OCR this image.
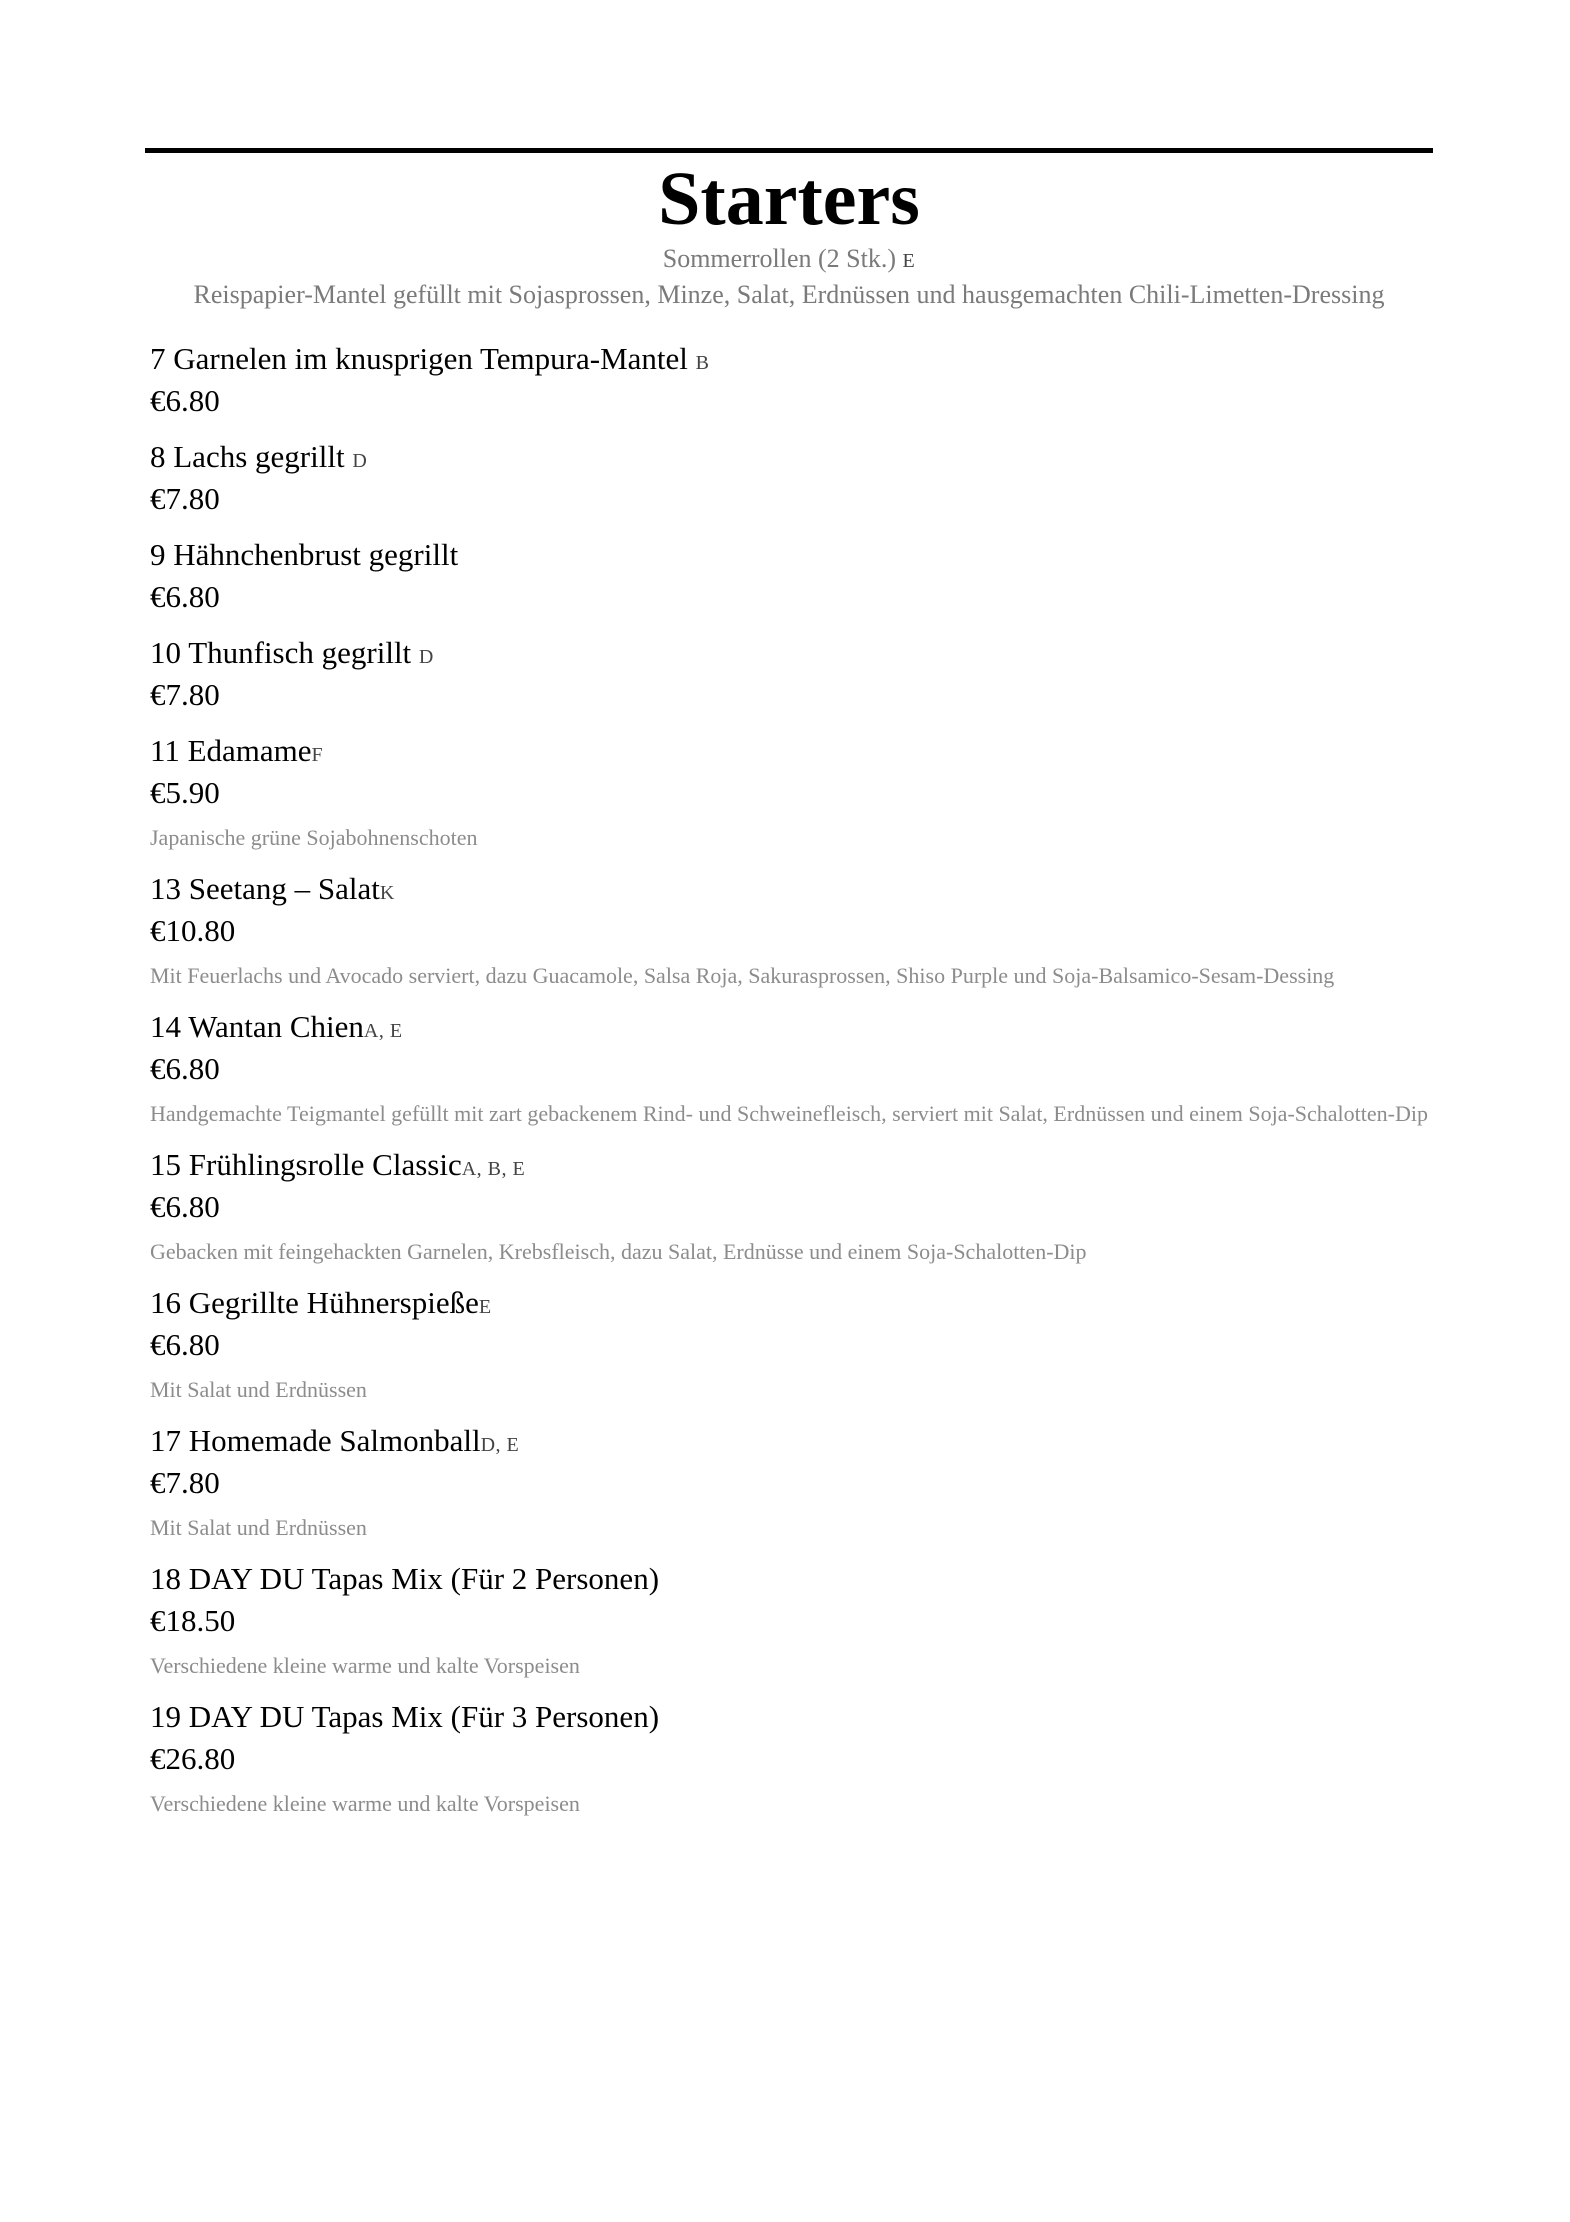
Starters
Sommerrollen (2 Stk.) E
Reispapier-Mantel gefüllt mit Sojasprossen, Minze, Salat, Erdnüssen und hausgemachten Chili-Limetten-Dressing
7 Garnelen im knusprigen Tempura-Mantel B
€6.80
8 Lachs gegrillt D
€7.80
9 Hähnchenbrust gegrillt
€6.80
10 Thunfisch gegrillt D
€7.80
11 EdamameF
€5.90
Japanische grüne Sojabohnenschoten
13 Seetang – SalatK
€10.80
Mit Feuerlachs und Avocado serviert, dazu Guacamole, Salsa Roja, Sakurasprossen, Shiso Purple und Soja-Balsamico-Sesam-Dessing
14 Wantan ChienA, E
€6.80
Handgemachte Teigmantel gefüllt mit zart gebackenem Rind- und Schweinefleisch, serviert mit Salat, Erdnüssen und einem Soja-Schalotten-Dip
15 Frühlingsrolle ClassicA, B, E
€6.80
Gebacken mit feingehackten Garnelen, Krebsfleisch, dazu Salat, Erdnüsse und einem Soja-Schalotten-Dip
16 Gegrillte HühnerspießeE
€6.80
Mit Salat und Erdnüssen
17 Homemade SalmonballD, E
€7.80
Mit Salat und Erdnüssen
18 DAY DU Tapas Mix (Für 2 Personen)
€18.50
Verschiedene kleine warme und kalte Vorspeisen
19 DAY DU Tapas Mix (Für 3 Personen)
€26.80
Verschiedene kleine warme und kalte Vorspeisen
